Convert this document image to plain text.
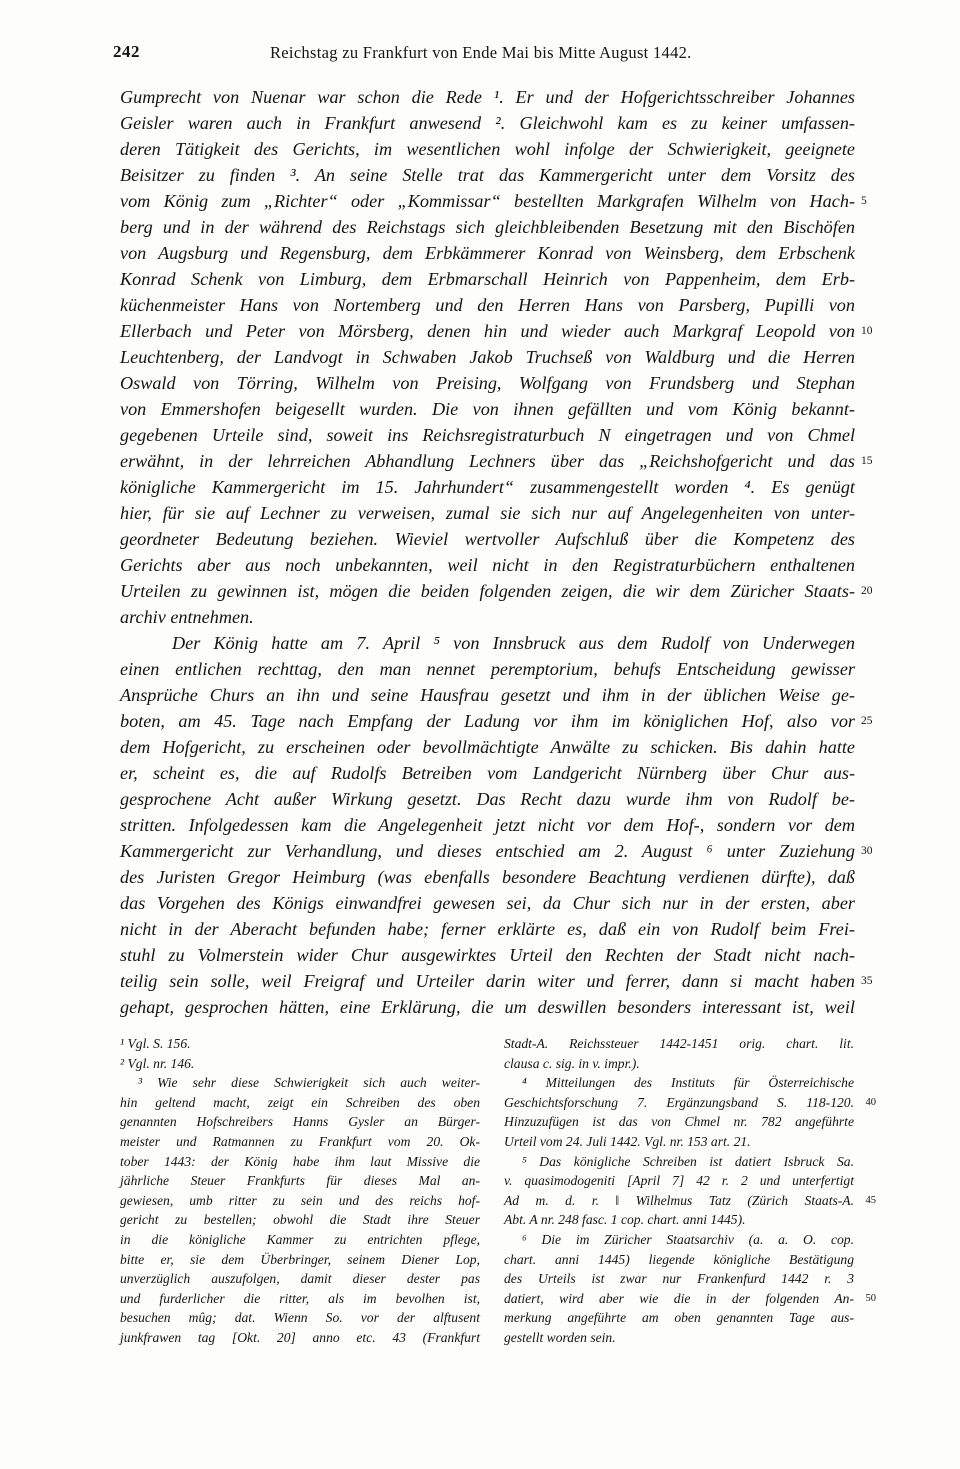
242	Reichstag zu Frankfurt von Ende Mai bis Mitte August 1442.
Gumprecht von Nuenar war schon die Rede ¹. Er und der Hofgerichtsschreiber Johannes
Geisler waren auch in Frankfurt anwesend ². Gleichwohl kam es zu keiner umfassen-
deren Tätigkeit des Gerichts, im wesentlichen wohl infolge der Schwierigkeit, geeignete
Beisitzer zu finden ³. An seine Stelle trat das Kammergericht unter dem Vorsitz des
vom König zum „Richter“ oder „Kommissar“ bestellten Markgrafen Wilhelm von Hach- 5
berg und in der während des Reichstags sich gleichbleibenden Besetzung mit den Bischöfen
von Augsburg und Regensburg, dem Erbkämmerer Konrad von Weinsberg, dem Erbschenk
Konrad Schenk von Limburg, dem Erbmarschall Heinrich von Pappenheim, dem Erb-
küchenmeister Hans von Nortemberg und den Herren Hans von Parsberg, Pupilli von
Ellerbach und Peter von Mörsberg, denen hin und wieder auch Markgraf Leopold von 10
Leuchtenberg, der Landvogt in Schwaben Jakob Truchseß von Waldburg und die Herren
Oswald von Törring, Wilhelm von Preising, Wolfgang von Frundsberg und Stephan
von Emmershofen beigesellt wurden. Die von ihnen gefällten und vom König bekannt-
gegebenen Urteile sind, soweit ins Reichsregistraturbuch N eingetragen und von Chmel
erwähnt, in der lehrreichen Abhandlung Lechners über das „Reichshofgericht und das 15
königliche Kammergericht im 15. Jahrhundert“ zusammengestellt worden ⁴. Es genügt
hier, für sie auf Lechner zu verweisen, zumal sie sich nur auf Angelegenheiten von unter-
geordneter Bedeutung beziehen. Wieviel wertvoller Aufschluß über die Kompetenz des
Gerichts aber aus noch unbekannten, weil nicht in den Registraturbüchern enthaltenen
Urteilen zu gewinnen ist, mögen die beiden folgenden zeigen, die wir dem Züricher Staats- 20
archiv entnehmen.
Der König hatte am 7. April ⁵ von Innsbruck aus dem Rudolf von Underwegen
einen entlichen rechttag, den man nennet peremptorium, behufs Entscheidung gewisser
Ansprüche Churs an ihn und seine Hausfrau gesetzt und ihm in der üblichen Weise ge-
boten, am 45. Tage nach Empfang der Ladung vor ihm im königlichen Hof, also vor 25
dem Hofgericht, zu erscheinen oder bevollmächtigte Anwälte zu schicken. Bis dahin hatte
er, scheint es, die auf Rudolfs Betreiben vom Landgericht Nürnberg über Chur aus-
gesprochene Acht außer Wirkung gesetzt. Das Recht dazu wurde ihm von Rudolf be-
stritten. Infolgedessen kam die Angelegenheit jetzt nicht vor dem Hof-, sondern vor dem
Kammergericht zur Verhandlung, und dieses entschied am 2. August ⁶ unter Zuziehung 30
des Juristen Gregor Heimburg (was ebenfalls besondere Beachtung verdienen dürfte), daß
das Vorgehen des Königs einwandfrei gewesen sei, da Chur sich nur in der ersten, aber
nicht in der Aberacht befunden habe; ferner erklärte es, daß ein von Rudolf beim Frei-
stuhl zu Volmerstein wider Chur ausgewirktes Urteil den Rechten der Stadt nicht nach-
teilig sein solle, weil Freigraf und Urteiler darin witer und ferrer, dann si macht haben 35
gehapt, gesprochen hätten, eine Erklärung, die um deswillen besonders interessant ist, weil
¹ Vgl. S. 156.
² Vgl. nr. 146.
³ Wie sehr diese Schwierigkeit sich auch weiter-
hin geltend macht, zeigt ein Schreiben des oben
genannten Hofschreibers Hanns Gysler an Bürger-
meister und Ratmannen zu Frankfurt vom 20. Ok-
tober 1443: der König habe ihm laut Missive die
jährliche Steuer Frankfurts für dieses Mal an-
gewiesen, umb ritter zu sein und des reichs hof-
gericht zu bestellen; obwohl die Stadt ihre Steuer
in die königliche Kammer zu entrichten pflege,
bitte er, sie dem Überbringer, seinem Diener Lop,
unverzüglich auszufolgen, damit dieser dester pas
und furderlicher die ritter, als im bevolhen ist,
besuchen mûg; dat. Wienn So. vor der alftusent
junkfrawen tag [Okt. 20] anno etc. 43 (Frankfurt
Stadt-A. Reichssteuer 1442-1451 orig. chart. lit.
clausa c. sig. in v. impr.).
⁴ Mitteilungen des Instituts für Österreichische
Geschichtsforschung 7. Ergänzungsband S. 118-120. 40
Hinzuzufügen ist das von Chmel nr. 782 angeführte
Urteil vom 24. Juli 1442. Vgl. nr. 153 art. 21.
⁵ Das königliche Schreiben ist datiert Isbruck Sa.
v. quasimodogeniti [April 7] 42 r. 2 und unterfertigt
Ad m. d. r. ‖ Wilhelmus Tatz (Zürich Staats-A. 45
Abt. A nr. 248 fasc. 1 cop. chart. anni 1445).
⁶ Die im Züricher Staatsarchiv (a. a. O. cop.
chart. anni 1445) liegende königliche Bestätigung
des Urteils ist zwar nur Frankenfurd 1442 r. 3
datiert, wird aber wie die in der folgenden An- 50
merkung angeführte am oben genannten Tage aus-
gestellt worden sein.
